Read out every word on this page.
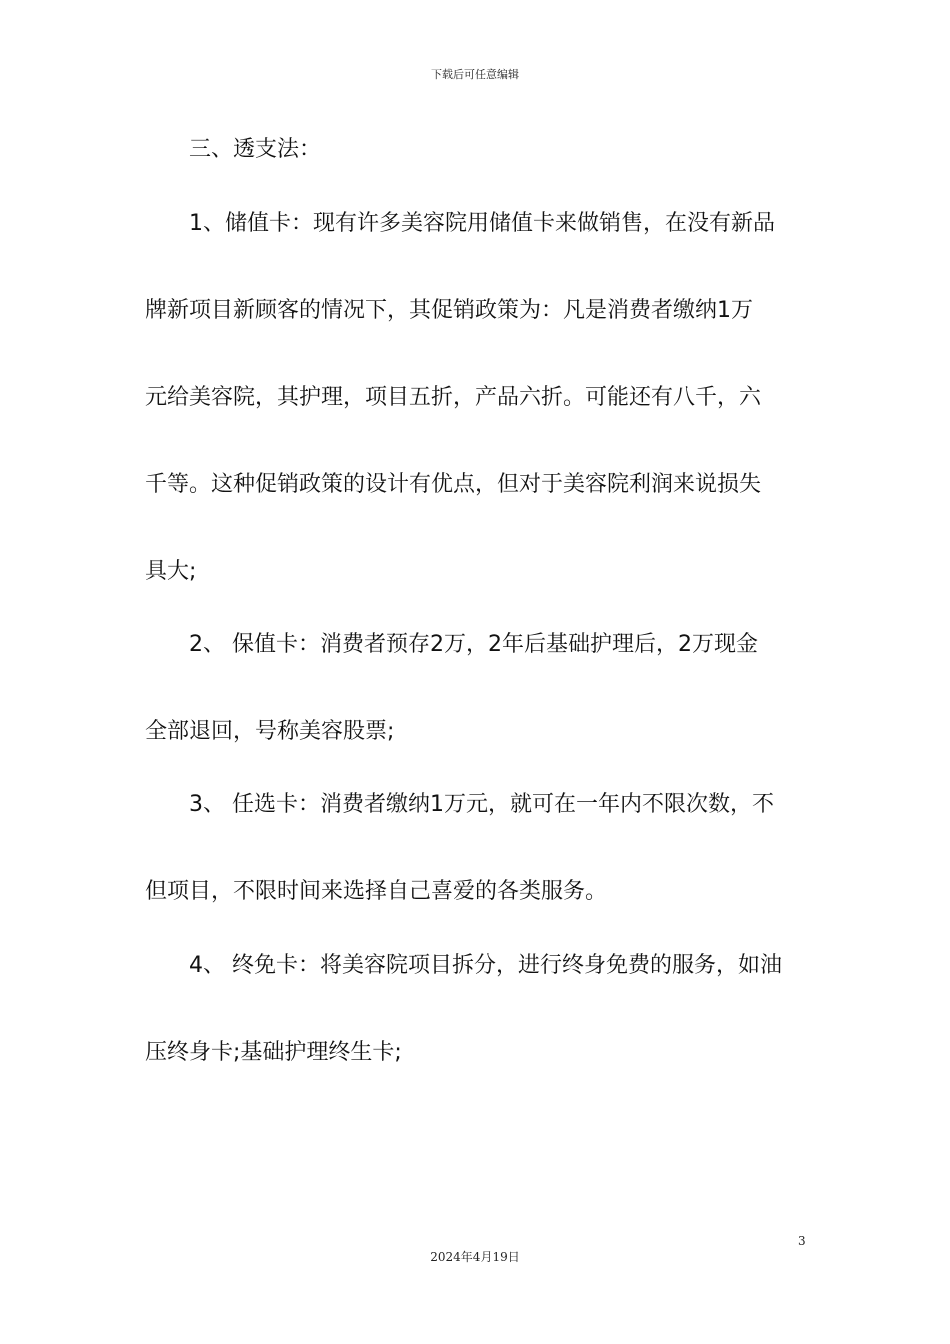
下载后可任意编辑
　　三、透支法：
　　1、储值卡：现有许多美容院用储值卡来做销售，在没有新品
牌新项目新顾客的情况下，其促销政策为：凡是消费者缴纳1万
元给美容院，其护理，项目五折，产品六折。可能还有八千，六
千等。这种促销政策的设计有优点，但对于美容院利润来说损失
具大;
　　2、 保值卡：消费者预存2万，2年后基础护理后，2万现金
全部退回，号称美容股票;
　　3、 任选卡：消费者缴纳1万元，就可在一年内不限次数，不
但项目，不限时间来选择自己喜爱的各类服务。
　　4、 终免卡：将美容院项目拆分，进行终身免费的服务，如油
压终身卡;基础护理终生卡;
3
2024年4月19日
